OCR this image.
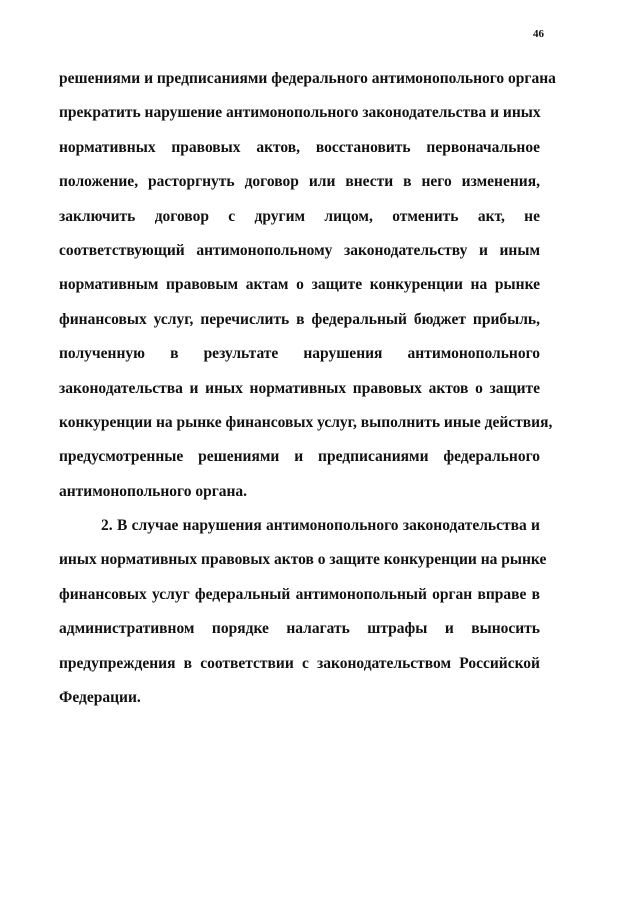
46
решениями и предписаниями федерального антимонопольного органа
прекратить нарушение антимонопольного законодательства и иных
нормативных правовых актов, восстановить первоначальное
положение, расторгнуть договор или внести в него изменения,
заключить договор с другим лицом, отменить акт, не
соответствующий антимонопольному законодательству и иным
нормативным правовым актам о защите конкуренции на рынке
финансовых услуг, перечислить в федеральный бюджет прибыль,
полученную в результате нарушения антимонопольного
законодательства и иных нормативных правовых актов о защите
конкуренции на рынке финансовых услуг, выполнить иные действия,
предусмотренные решениями и предписаниями федерального
антимонопольного органа.
2. В случае нарушения антимонопольного законодательства и
иных нормативных правовых актов о защите конкуренции на рынке
финансовых услуг федеральный антимонопольный орган вправе в
административном порядке налагать штрафы и выносить
предупреждения в соответствии с законодательством Российской
Федерации.
